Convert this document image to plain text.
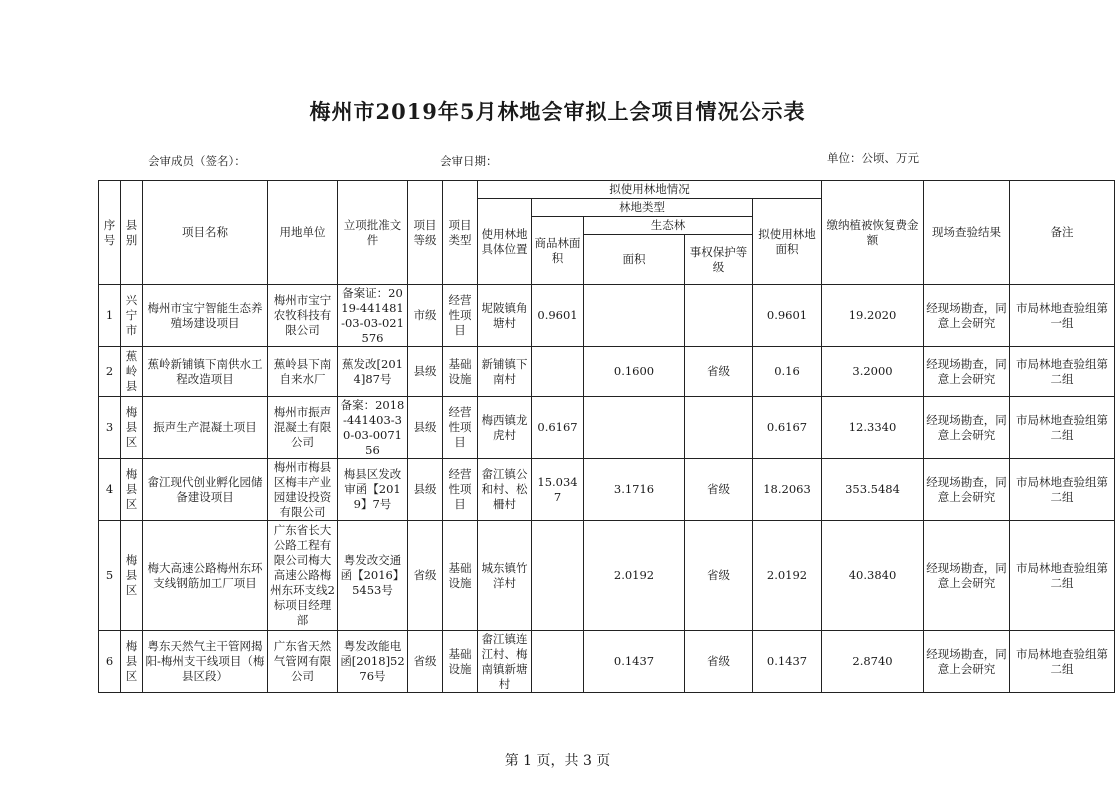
梅州市2019年5月林地会审拟上会项目情况公示表
会审成员（签名）：	会审日期：	单位：公顷、万元
序号	县别	项目名称	用地单位	立项批准文件	项目等级	项目类型	拟使用林地情况					缴纳植被恢复费金额	现场查验结果	备注
							使用林地具体位置	林地类型			拟使用林地面积			
								商品林面积	生态林					
									面积	事权保护等级				
1	兴宁市	梅州市宝宁智能生态养殖场建设项目	梅州市宝宁农牧科技有限公司	备案证：2019-441481-03-03-021576	市级	经营性项目	坭陂镇角塘村	0.9601			0.9601	19.2020	经现场勘查，同意上会研究	市局林地查验组第一组
2	蕉岭县	蕉岭新铺镇下南供水工程改造项目	蕉岭县下南自来水厂	蕉发改[2014]87号	县级	基础设施	新铺镇下南村		0.1600	省级	0.16	3.2000	经现场勘查，同意上会研究	市局林地查验组第二组
3	梅县区	振声生产混凝土项目	梅州市振声混凝土有限公司	备案：2018-441403-30-03-007156	县级	经营性项目	梅西镇龙虎村	0.6167			0.6167	12.3340	经现场勘查，同意上会研究	市局林地查验组第二组
4	梅县区	畲江现代创业孵化园储备建设项目	梅州市梅县区梅丰产业园建设投资有限公司	梅县区发改审函【2019】7号	县级	经营性项目	畲江镇公和村、松柵村	15.0347	3.1716	省级	18.2063	353.5484	经现场勘查，同意上会研究	市局林地查验组第二组
5	梅县区	梅大高速公路梅州东环支线钢筋加工厂项目	广东省长大公路工程有限公司梅大高速公路梅州东环支线2标项目经理部	粤发改交通函【2016】5453号	省级	基础设施	城东镇竹洋村		2.0192	省级	2.0192	40.3840	经现场勘查，同意上会研究	市局林地查验组第二组
6	梅县区	粤东天然气主干管网揭阳-梅州支干线项目（梅县区段）	广东省天然气管网有限公司	粤发改能电函[2018]5276号	省级	基础设施	畲江镇连江村、梅南镇新塘村		0.1437	省级	0.1437	2.8740	经现场勘查，同意上会研究	市局林地查验组第二组
第 1 页，共 3 页
